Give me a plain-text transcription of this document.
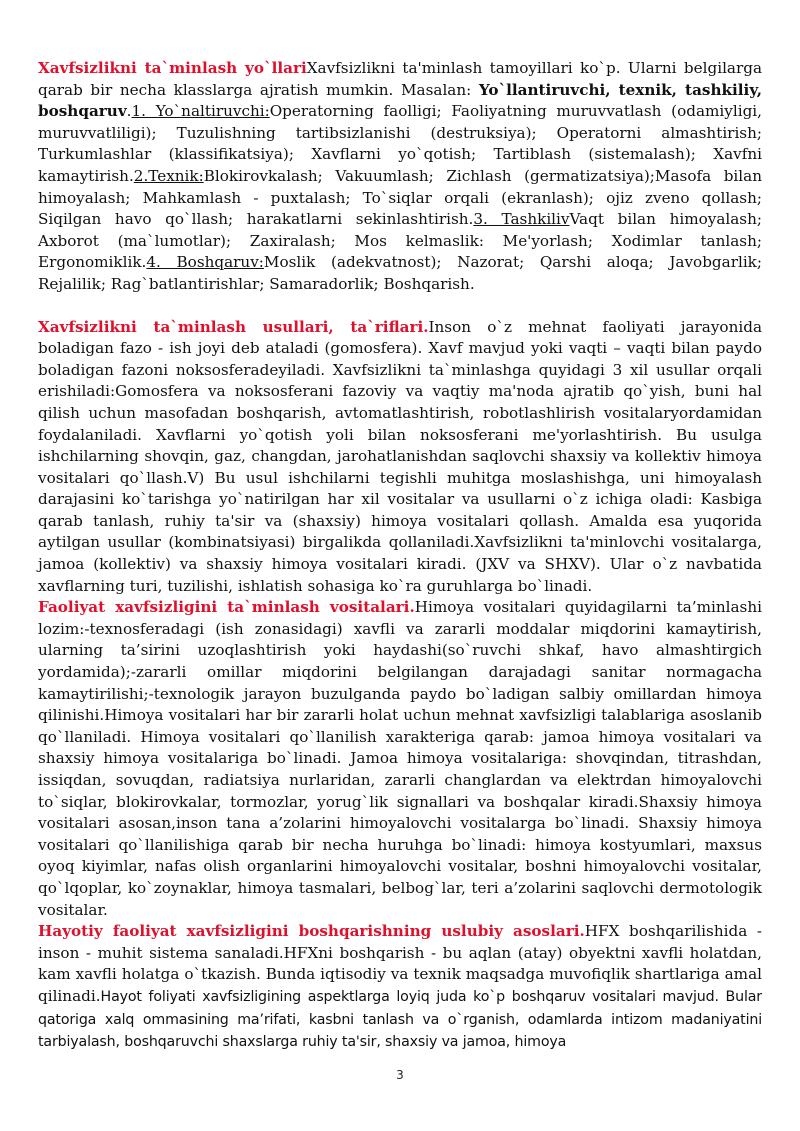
Xavfsizlikni ta`minlash yo`llariXavfsizlikni ta'minlash tamoyillari ko`p. Ularni belgilarga qarab bir necha klasslarga ajratish mumkin. Masalan: Yo`llantiruvchi, texnik, tashkiliy, boshqaruv.1. Yo`naltiruvchi:Operatorning faolligi; Faoliyatning muruvvatlash (odamiyligi, muruvvatliligi); Tuzulishning tartibsizlanishi (destruksiya); Operatorni almashtirish; Turkumlashlar (klassifikatsiya); Xavflarni yo`qotish; Tartiblash (sistemalash); Xavfni kamaytirish.2.Texnik:Blokirovkalash; Vakuumlash; Zichlash (germatizatsiya);Masofa bilan himoyalash; Mahkamlash - puxtalash; To`siqlar orqali (ekranlash); ojiz zveno qollash; Siqilgan havo qo`llash; harakatlarni sekinlashtirish.3. TashkilivVaqt bilan himoyalash; Axborot (ma`lumotlar); Zaxiralash; Mos kelmaslik: Me'yorlash; Xodimlar tanlash; Ergonomiklik.4. Boshqaruv:Moslik (adekvatnost); Nazorat; Qarshi aloqa; Javobgarlik; Rejalilik; Rag`batlantirishlar; Samaradorlik; Boshqarish.

Xavfsizlikni ta`minlash usullari, ta`riflari.Inson o`z mehnat faoliyati jarayonida boladigan fazo - ish joyi deb ataladi (gomosfera). Xavf mavjud yoki vaqti – vaqti bilan paydo boladigan fazoni noksosferadeyiladi. Xavfsizlikni ta`minlashga quyidagi 3 xil usullar orqali erishiladi:Gomosfera va noksosferani fazoviy va vaqtiy ma'noda ajratib qo`yish, buni hal qilish uchun masofadan boshqarish, avtomatlashtirish, robotlashlirish vositalaryordamidan foydalaniladi. Xavflarni yo`qotish yoli bilan noksosferani me'yorlashtirish. Bu usulga ishchilarning shovqin, gaz, changdan, jarohatlanishdan saqlovchi shaxsiy va kollektiv himoya vositalari qo`llash.V) Bu usul ishchilarni tegishli muhitga moslashishga, uni himoyalash darajasini ko`tarishga yo`natirilgan har xil vositalar va usullarni o`z ichiga oladi: Kasbiga qarab tanlash, ruhiy ta'sir va (shaxsiy) himoya vositalari qollash. Amalda esa yuqorida aytilgan usullar (kombinatsiyasi) birgalikda qollaniladi.Xavfsizlikni ta'minlovchi vositalarga, jamoa (kollektiv) va shaxsiy himoya vositalari kiradi. (JXV va SHXV). Ular o`z navbatida xavflarning turi, tuzilishi, ishlatish sohasiga ko`ra guruhlarga bo`linadi.

Faoliyat xavfsizligini ta`minlash vositalari.Himoya vositalari quyidagilarni ta’minlashi lozim:-texnosferadagi (ish zonasidagi) xavfli va zararli moddalar miqdorini kamaytirish, ularning ta’sirini uzoqlashtirish yoki haydashi(so`ruvchi shkaf, havo almashtirgich yordamida);-zararli omillar miqdorini belgilangan darajadagi sanitar normagacha kamaytirilishi;-texnologik jarayon buzulganda paydo bo`ladigan salbiy omillardan himoya qilinishi.Himoya vositalari har bir zararli holat uchun mehnat xavfsizligi talablariga asoslanib qo`llaniladi. Himoya vositalari qo`llanilish xarakteriga qarab: jamoa himoya vositalari va shaxsiy himoya vositalariga bo`linadi. Jamoa himoya vositalariga: shovqindan, titrashdan, issiqdan, sovuqdan, radiatsiya nurlaridan, zararli changlardan va elektrdan himoyalovchi to`siqlar, blokirovkalar, tormozlar, yorug`lik signallari va boshqalar kiradi.Shaxsiy himoya vositalari asosan,inson tana a’zolarini himoyalovchi vositalarga bo`linadi. Shaxsiy himoya vositalari qo`llanilishiga qarab bir necha huruhga bo`linadi: himoya kostyumlari, maxsus oyoq kiyimlar, nafas olish organlarini himoyalovchi vositalar, boshni himoyalovchi vositalar, qo`lqoplar, ko`zoynaklar, himoya tasmalari, belbog`lar, teri a’zolarini saqlovchi dermotologik vositalar.

Hayotiy faoliyat xavfsizligini boshqarishning uslubiy asoslari.HFX boshqarilishida - inson - muhit sistema sanaladi.HFXni boshqarish - bu aqlan (atay) obyektni xavfli holatdan, kam xavfli holatga o`tkazish. Bunda iqtisodiy va texnik maqsadga muvofiqlik shartlariga amal qilinadi.Hayot foliyati xavfsizligining aspektlarga loyiq juda ko`p boshqaruv vositalari mavjud. Bular qatoriga xalq ommasining ma’rifati, kasbni tanlash va o`rganish, odamlarda intizom madaniyatini tarbiyalash, boshqaruvchi shaxslarga ruhiy ta'sir, shaxsiy va jamoa, himoya

3
